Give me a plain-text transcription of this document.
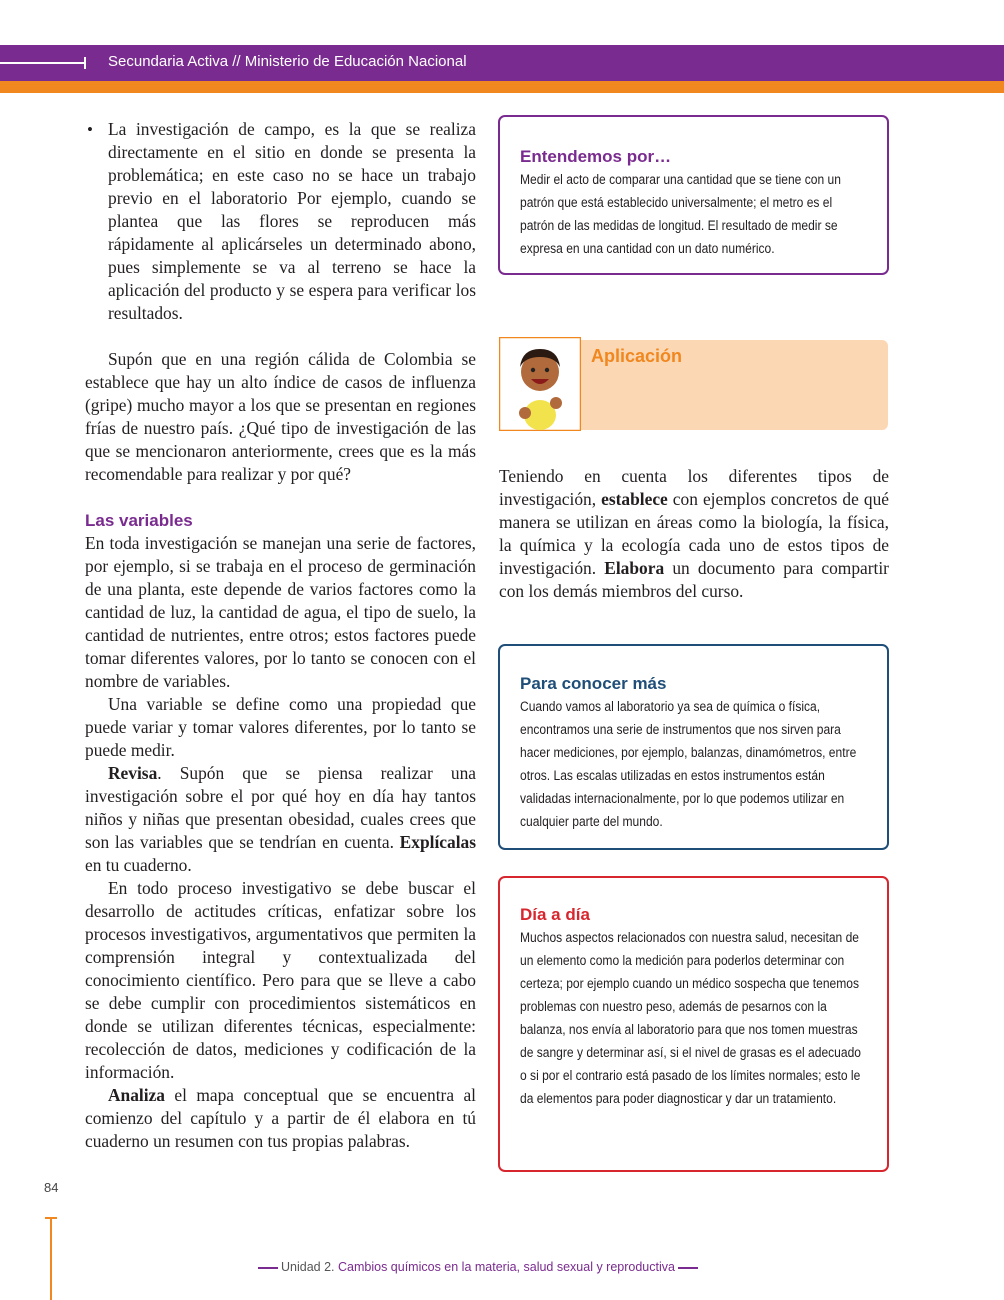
Secundaria Activa // Ministerio de Educación Nacional
• La investigación de campo, es la que se realiza directamente en el sitio en donde se presenta la problemática; en este caso no se hace un trabajo previo en el laboratorio Por ejemplo, cuando se plantea que las flores se reproducen más rápidamente al aplicárseles un determinado abono, pues simplemente se va al terreno se hace la aplicación del producto y se espera para verificar los resultados.

Supón que en una región cálida de Colombia se establece que hay un alto índice de casos de influenza (gripe) mucho mayor a los que se presentan en regiones frías de nuestro país. ¿Qué tipo de investigación de las que se mencionaron anteriormente, crees que es la más recomendable para realizar y por qué?

Las variables

En toda investigación se manejan una serie de factores, por ejemplo, si se trabaja en el proceso de germinación de una planta, este depende de varios factores como la cantidad de luz, la cantidad de agua, el tipo de suelo, la cantidad de nutrientes, entre otros; estos factores puede tomar diferentes valores, por lo tanto se conocen con el nombre de variables.

Una variable se define como una propiedad que puede variar y tomar valores diferentes, por lo tanto se puede medir.

Revisa. Supón que se piensa realizar una investigación sobre el por qué hoy en día hay tantos niños y niñas que presentan obesidad, cuales crees que son las variables que se tendrían en cuenta. Explícalas en tu cuaderno.

En todo proceso investigativo se debe buscar el desarrollo de actitudes críticas, enfatizar sobre los procesos investigativos, argumentativos que permiten la comprensión integral y contextualizada del conocimiento científico. Pero para que se lleve a cabo se debe cumplir con procedimientos sistemáticos en donde se utilizan diferentes técnicas, especialmente: recolección de datos, mediciones y codificación de la información.

Analiza el mapa conceptual que se encuentra al comienzo del capítulo y a partir de él elabora en tú cuaderno un resumen con tus propias palabras.

Entendemos por…

Medir el acto de comparar una cantidad que se tiene con un patrón que está establecido universalmente; el metro es el patrón de las medidas de longitud. El resultado de medir se expresa en una cantidad con un dato numérico.

Aplicación

Teniendo en cuenta los diferentes tipos de investigación, establece con ejemplos concretos de qué manera se utilizan en áreas como la biología, la física, la química y la ecología cada uno de estos tipos de investigación. Elabora un documento para compartir con los demás miembros del curso.

Para conocer más

Cuando vamos al laboratorio ya sea de química o física, encontramos una serie de instrumentos que nos sirven para hacer mediciones, por ejemplo, balanzas, dinamómetros, entre otros. Las escalas utilizadas en estos instrumentos están validadas internacionalmente, por lo que podemos utilizar en cualquier parte del mundo.

Día a día

Muchos aspectos relacionados con nuestra salud, necesitan de un elemento como la medición para poderlos determinar con certeza; por ejemplo cuando un médico sospecha que tenemos problemas con nuestro peso, además de pesarnos con la balanza, nos envía al laboratorio para que nos tomen muestras de sangre y determinar así, si el nivel de grasas es el adecuado o si por el contrario está pasado de los límites normales; esto le da elementos para poder diagnosticar y dar un tratamiento.

84
Unidad 2. Cambios químicos en la materia, salud sexual y reproductiva
